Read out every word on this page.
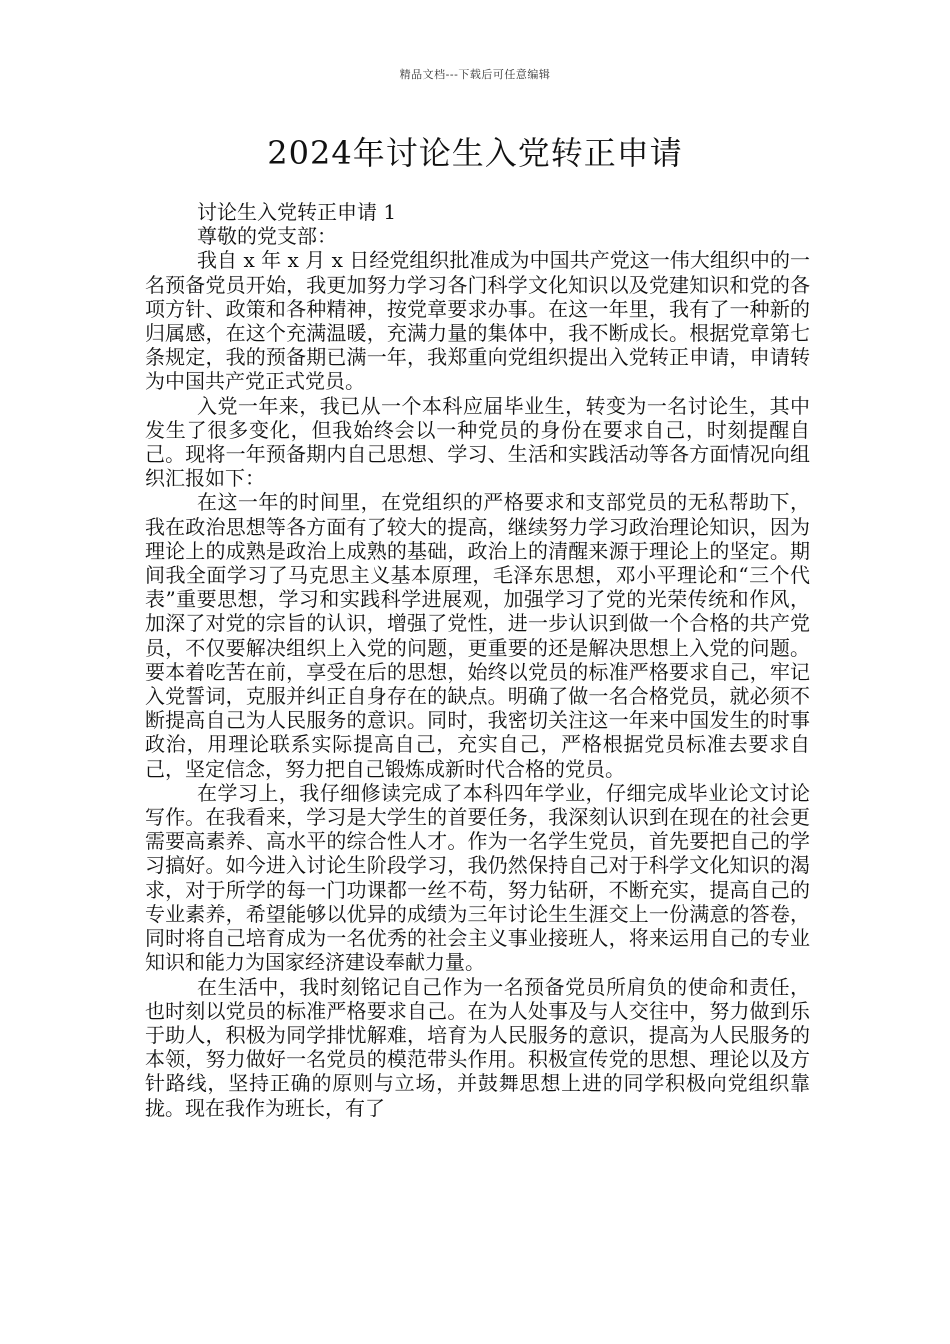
精品文档---下载后可任意编辑
2024年讨论生入党转正申请

讨论生入党转正申请 1

尊敬的党支部：

我自 x 年 x 月 x 日经党组织批准成为中国共产党这一伟大组织中的一名预备党员开始，我更加努力学习各门科学文化知识以及党建知识和党的各项方针、政策和各种精神，按党章要求办事。在这一年里，我有了一种新的归属感，在这个充满温暖，充满力量的集体中，我不断成长。根据党章第七条规定，我的预备期已满一年，我郑重向党组织提出入党转正申请，申请转为中国共产党正式党员。

入党一年来，我已从一个本科应届毕业生，转变为一名讨论生，其中发生了很多变化，但我始终会以一种党员的身份在要求自己，时刻提醒自己。现将一年预备期内自己思想、学习、生活和实践活动等各方面情况向组织汇报如下：

在这一年的时间里，在党组织的严格要求和支部党员的无私帮助下，我在政治思想等各方面有了较大的提高，继续努力学习政治理论知识，因为理论上的成熟是政治上成熟的基础，政治上的清醒来源于理论上的坚定。期间我全面学习了马克思主义基本原理，毛泽东思想，邓小平理论和“三个代表”重要思想，学习和实践科学进展观，加强学习了党的光荣传统和作风，加深了对党的宗旨的认识，增强了党性，进一步认识到做一个合格的共产党员，不仅要解决组织上入党的问题，更重要的还是解决思想上入党的问题。要本着吃苦在前，享受在后的思想，始终以党员的标准严格要求自己，牢记入党誓词，克服并纠正自身存在的缺点。明确了做一名合格党员，就必须不断提高自己为人民服务的意识。同时，我密切关注这一年来中国发生的时事政治，用理论联系实际提高自己，充实自己，严格根据党员标准去要求自己，坚定信念，努力把自己锻炼成新时代合格的党员。

在学习上，我仔细修读完成了本科四年学业，仔细完成毕业论文讨论写作。在我看来，学习是大学生的首要任务，我深刻认识到在现在的社会更需要高素养、高水平的综合性人才。作为一名学生党员，首先要把自己的学习搞好。如今进入讨论生阶段学习，我仍然保持自己对于科学文化知识的渴求，对于所学的每一门功课都一丝不苟，努力钻研，不断充实，提高自己的专业素养，希望能够以优异的成绩为三年讨论生生涯交上一份满意的答卷，同时将自己培育成为一名优秀的社会主义事业接班人，将来运用自己的专业知识和能力为国家经济建设奉献力量。

在生活中，我时刻铭记自己作为一名预备党员所肩负的使命和责任，也时刻以党员的标准严格要求自己。在为人处事及与人交往中，努力做到乐于助人，积极为同学排忧解难，培育为人民服务的意识，提高为人民服务的本领，努力做好一名党员的模范带头作用。积极宣传党的思想、理论以及方针路线，坚持正确的原则与立场，并鼓舞思想上进的同学积极向党组织靠拢。现在我作为班长，有了
